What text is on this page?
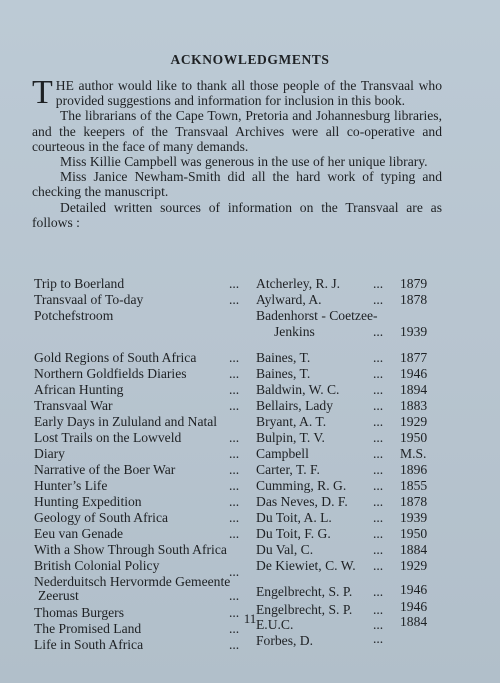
ACKNOWLEDGMENTS

THE author would like to thank all those people of the Transvaal who provided suggestions and information for inclusion in this book.

The librarians of the Cape Town, Pretoria and Johannesburg libraries, and the keepers of the Transvaal Archives were all co-operative and courteous in the face of many demands.

Miss Killie Campbell was generous in the use of her unique library.

Miss Janice Newham-Smith did all the hard work of typing and checking the manuscript.

Detailed written sources of information on the Transvaal are as follows :

Trip to Boerland	... Atcherley, R. J. ... 1879
Transvaal of To-day	... Aylward, A.	... 1878
Potchefstroom	Badenhorst - Coetzee-
Jenkins	... 1939
Gold Regions of South Africa ... Baines, T.	... 1877
Northern Goldfields Diaries	... Baines, T.	... 1946
African Hunting	... Baldwin, W. C. ... 1894
Transvaal War	... Bellairs, Lady	... 1883
Early Days in Zululand and Natal	Bryant, A. T.	... 1929
Lost Trails on the Lowveld	... Bulpin, T. V.	... 1950
Diary	... Campbell	... M.S.
Narrative of the Boer War	... Carter, T. F.	... 1896
Hunter’s Life	... Cumming, R. G. ... 1855
Hunting Expedition	... Das Neves, D. F. ... 1878
Geology of South Africa	... Du Toit, A. L.	... 1939
Eeu van Genade	... Du Toit, F. G.	... 1950
With a Show Through South Africa Du Val, C.	... 1884
British Colonial Policy	... De Kiewiet, C. W. ... 1929
Nederduitsch Hervormde Gemeente
Zeerust	... Engelbrecht, S. P. ... 1946
Thomas Burgers	... Engelbrecht, S. P. ... 1946
The Promised Land	... E.U.C.	... 1884
Life in South Africa	... Forbes, D.	...
11
